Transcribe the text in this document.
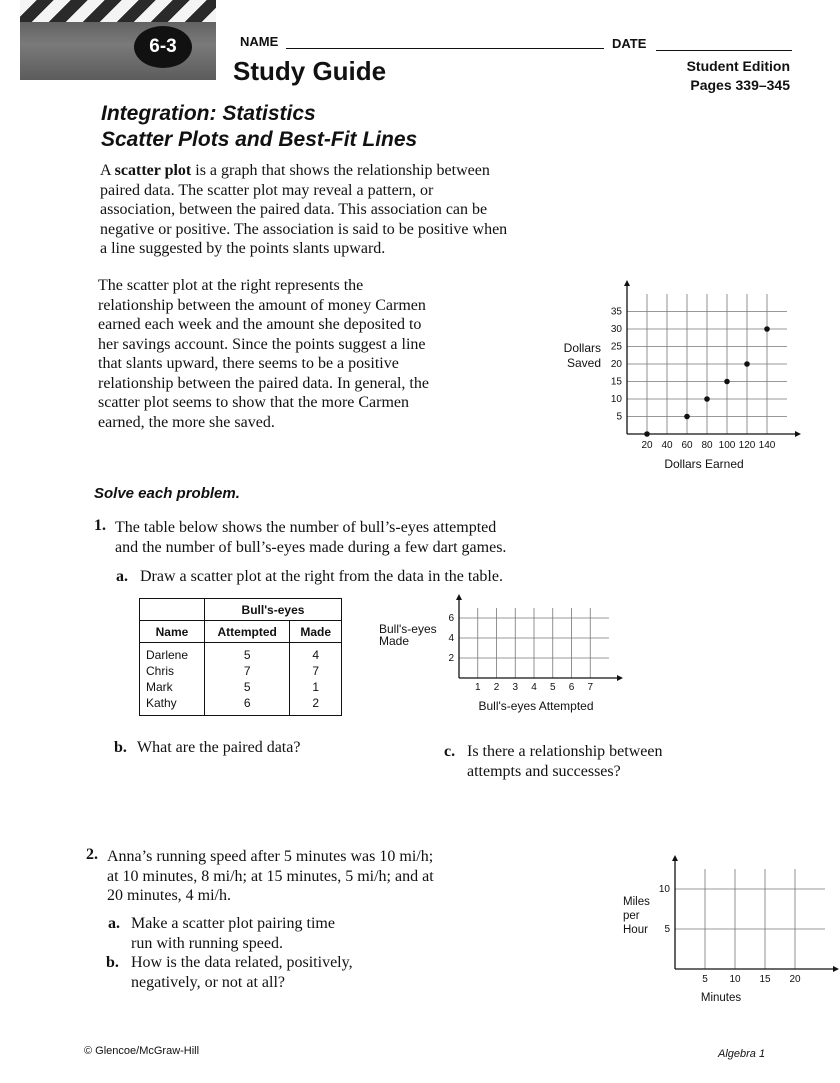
6-3	NAME	DATE
Study Guide	Student Edition
Pages 339–345
Integration: Statistics
Scatter Plots and Best-Fit Lines
A scatter plot is a graph that shows the relationship between
paired data. The scatter plot may reveal a pattern, or
association, between the paired data. This association can be
negative or positive. The association is said to be positive when
a line suggested by the points slants upward.
The scatter plot at the right represents the
relationship between the amount of money Carmen
earned each week and the amount she deposited to
her savings account. Since the points suggest a line
that slants upward, there seems to be a positive
relationship between the paired data. In general, the
scatter plot seems to show that the more Carmen
earned, the more she saved.
20 40 60 80 100 120 140
5
10
15
20
25
30
35
Dollars Earned
Dollars
Saved
Solve each problem.
1. The table below shows the number of bull’s-eyes attempted
and the number of bull’s-eyes made during a few dart games.
a. Draw a scatter plot at the right from the data in the table.
	Bull's-eyes	
Name	Attempted	Made
Darlene	5	4
Chris	7	7
Mark	5	1
Kathy	6	2
1 2 3 4 5 6 7
2
4
6
Bull's-eyes Attempted
Bull's-eyes
Made
b. What are the paired data?	c. Is there a relationship between
attempts and successes?
2. Anna’s running speed after 5 minutes was 10 mi/h;
at 10 minutes, 8 mi/h; at 15 minutes, 5 mi/h; and at
20 minutes, 4 mi/h.
a. Make a scatter plot pairing time
run with running speed.
b. How is the data related, positively,
negatively, or not at all?	5 10 15 20
5
10
Minutes
Miles
per
Hour
© Glencoe/McGraw-Hill	Algebra 1
